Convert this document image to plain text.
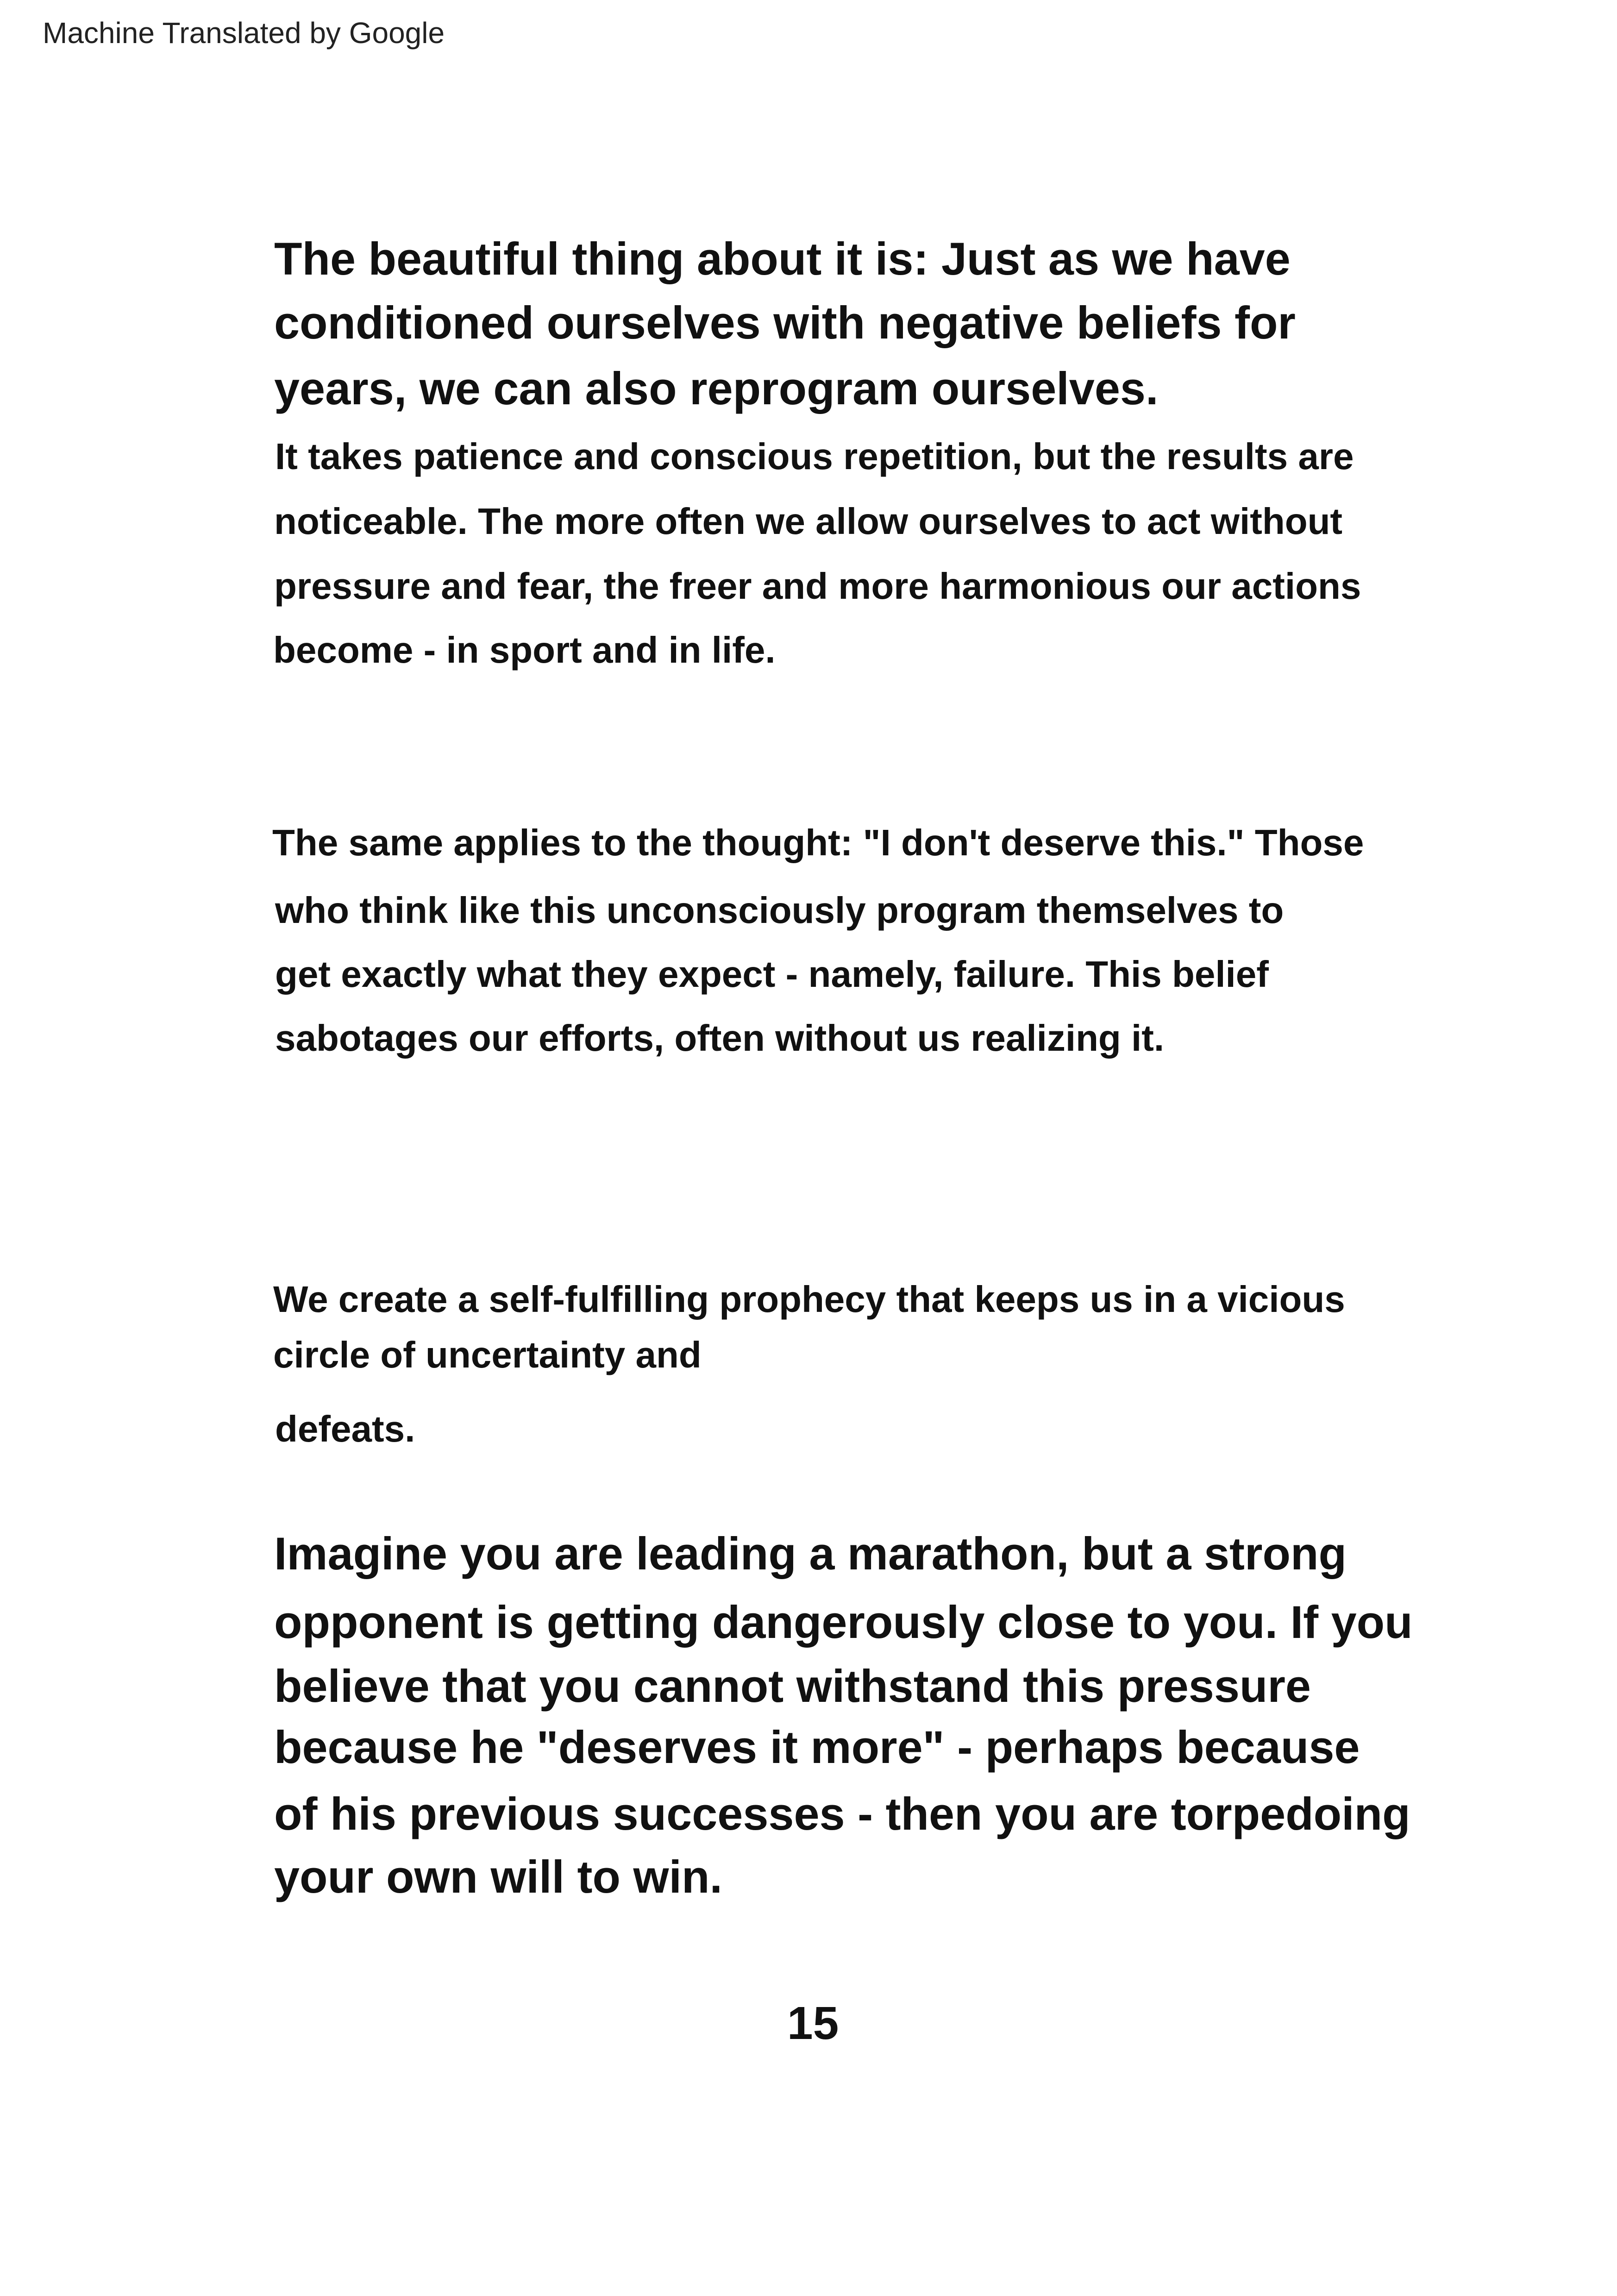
Machine Translated by Google
The beautiful thing about it is: Just as we have
conditioned ourselves with negative beliefs for
years, we can also reprogram ourselves.
It takes patience and conscious repetition, but the results are
noticeable. The more often we allow ourselves to act without
pressure and fear, the freer and more harmonious our actions
become - in sport and in life.
The same applies to the thought: "I don't deserve this." Those
who think like this unconsciously program themselves to
get exactly what they expect - namely, failure. This belief
sabotages our efforts, often without us realizing it.
We create a self-fulfilling prophecy that keeps us in a vicious
circle of uncertainty and
defeats.
Imagine you are leading a marathon, but a strong
opponent is getting dangerously close to you. If you
believe that you cannot withstand this pressure
because he "deserves it more" - perhaps because
of his previous successes - then you are torpedoing
your own will to win.
15
